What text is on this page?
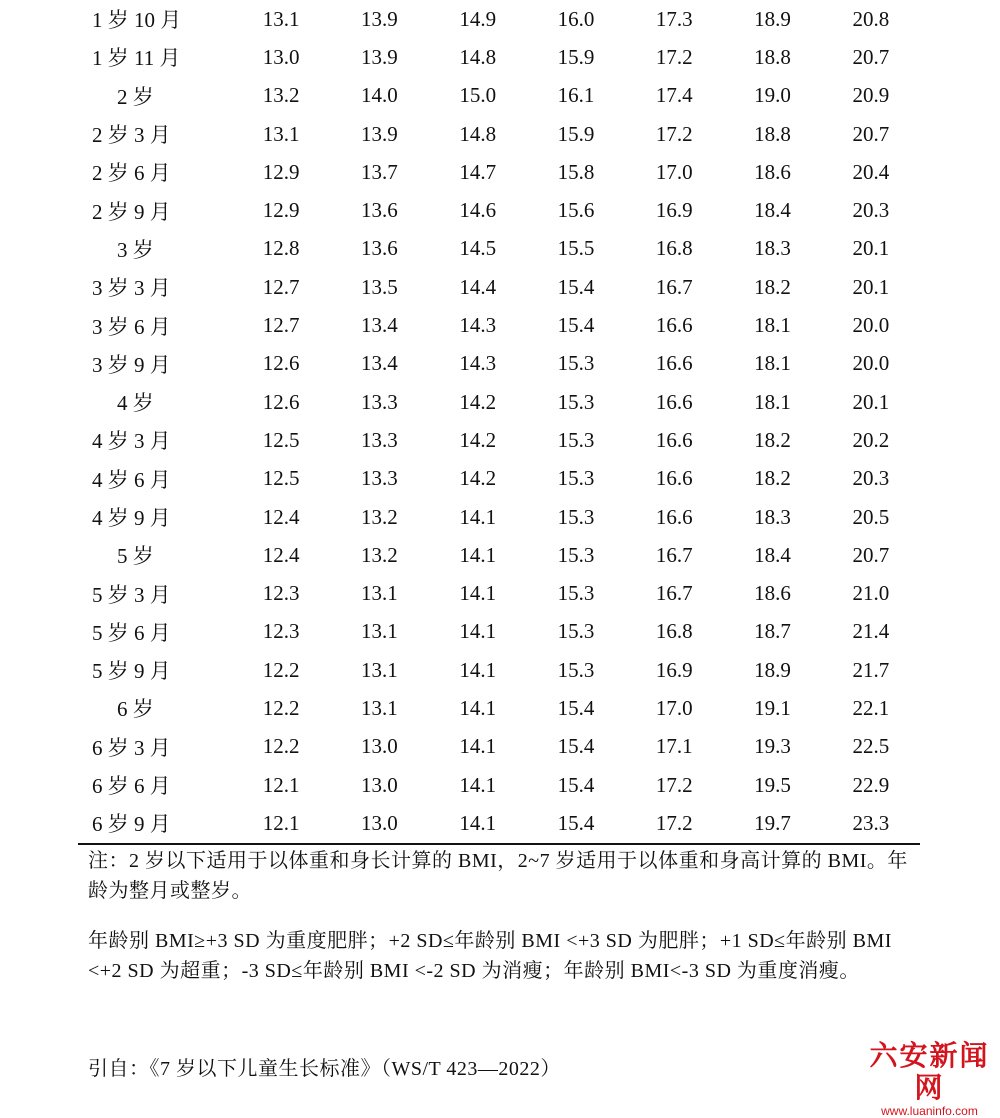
1 岁 10 月	13.1	13.9	14.9	16.0	17.3	18.9	20.8
1 岁 11 月	13.0	13.9	14.8	15.9	17.2	18.8	20.7
2 岁	13.2	14.0	15.0	16.1	17.4	19.0	20.9
2 岁 3 月	13.1	13.9	14.8	15.9	17.2	18.8	20.7
2 岁 6 月	12.9	13.7	14.7	15.8	17.0	18.6	20.4
2 岁 9 月	12.9	13.6	14.6	15.6	16.9	18.4	20.3
3 岁	12.8	13.6	14.5	15.5	16.8	18.3	20.1
3 岁 3 月	12.7	13.5	14.4	15.4	16.7	18.2	20.1
3 岁 6 月	12.7	13.4	14.3	15.4	16.6	18.1	20.0
3 岁 9 月	12.6	13.4	14.3	15.3	16.6	18.1	20.0
4 岁	12.6	13.3	14.2	15.3	16.6	18.1	20.1
4 岁 3 月	12.5	13.3	14.2	15.3	16.6	18.2	20.2
4 岁 6 月	12.5	13.3	14.2	15.3	16.6	18.2	20.3
4 岁 9 月	12.4	13.2	14.1	15.3	16.6	18.3	20.5
5 岁	12.4	13.2	14.1	15.3	16.7	18.4	20.7
5 岁 3 月	12.3	13.1	14.1	15.3	16.7	18.6	21.0
5 岁 6 月	12.3	13.1	14.1	15.3	16.8	18.7	21.4
5 岁 9 月	12.2	13.1	14.1	15.3	16.9	18.9	21.7
6 岁	12.2	13.1	14.1	15.4	17.0	19.1	22.1
6 岁 3 月	12.2	13.0	14.1	15.4	17.1	19.3	22.5
6 岁 6 月	12.1	13.0	14.1	15.4	17.2	19.5	22.9
6 岁 9 月	12.1	13.0	14.1	15.4	17.2	19.7	23.3

注：2 岁以下适用于以体重和身长计算的 BMI，2~7 岁适用于以体重和身高计算的 BMI。年龄为整月或整岁。

年龄别 BMI≥+3 SD 为重度肥胖；+2 SD≤年龄别 BMI <+3 SD 为肥胖；+1 SD≤年龄别 BMI <+2 SD 为超重；-3 SD≤年龄别 BMI <-2 SD 为消瘦；年龄别 BMI<-3 SD 为重度消瘦。

引自：《7 岁以下儿童生长标准》（WS/T 423—2022）	六安新闻网
www.luaninfo.com
